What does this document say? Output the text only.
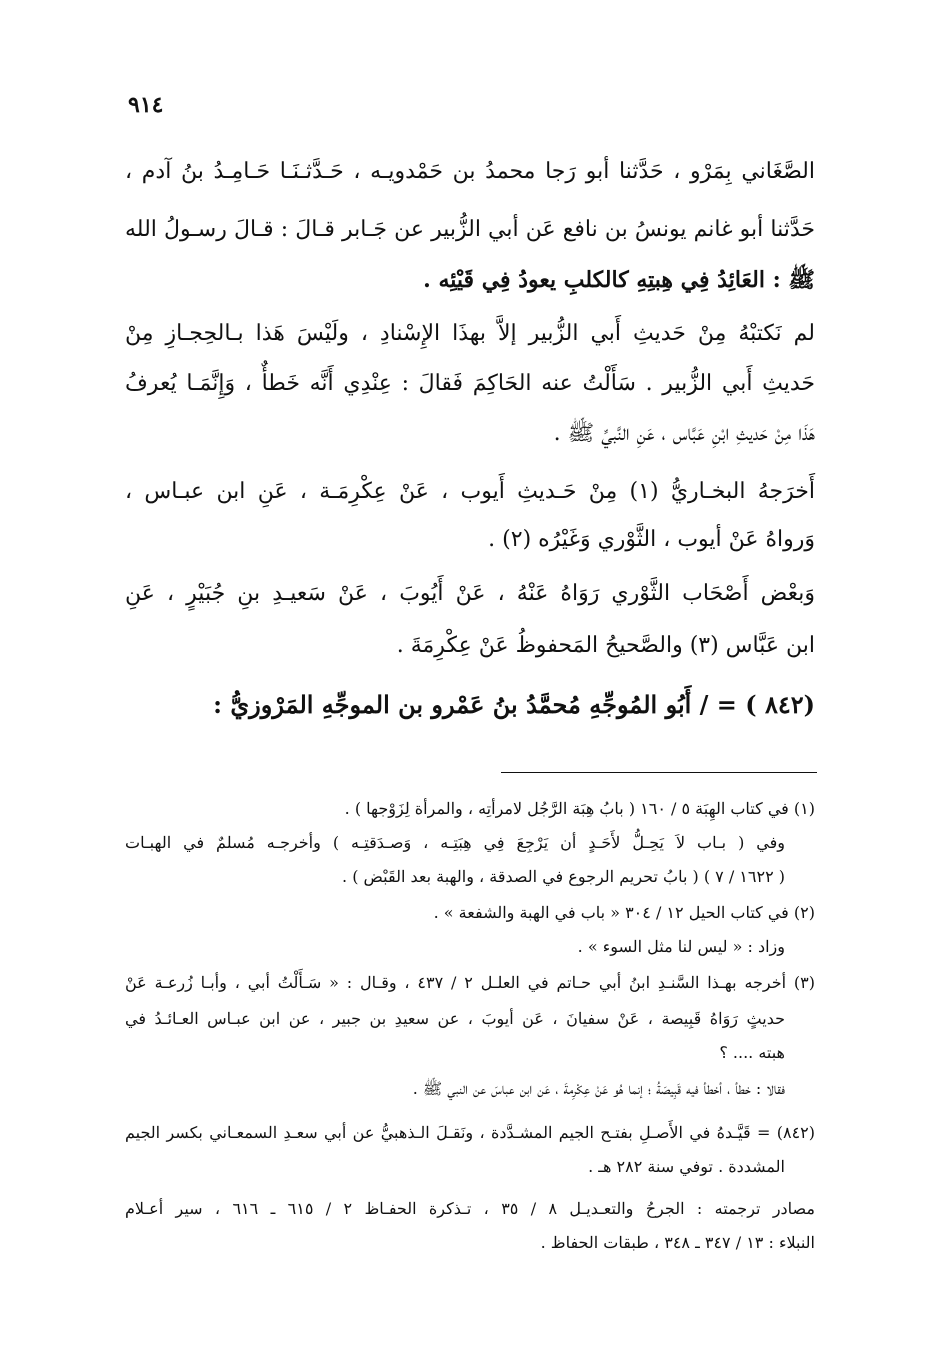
٩١٤
الصَّغَاني بِمَرْو ، حَدَّثنا أبو رَجا محمدُ بن حَمْدويـه ، حَـدَّثـنَـا حَـامِـدُ بنُ آدم ،
حَدَّثنا أبو غانم يونسُ بن نافع عَن أبي الزُّبير عن جَـابر قـالَ : قـالَ رسـولُ الله
ﷺ : العَائِدُ فِي هِبتِهِ كالكلبِ يعودُ فِي قَيْئِه .
لم نَكتبْهُ مِنْ حَديثِ أَبي الزُّبير إلاَّ بهذَا الإِسْنادِ ، ولَيْسَ هَذا بـالحِجـازِ مِنْ
حَديثِ أَبي الزُّبير . سَأَلْتُ عنه الحَاكِمَ فَقالَ : عِنْدِي أَنَّه خَطأٌ ، وَإِنَّمَـا يُعرفُ
هَذَا مِنْ حَديثِ ابْنِ عَبَّاس ، عَنِ النَّبيِّ ﷺ .
أَخرَجهُ البخـاريُّ (١) مِنْ حَـديثِ أَيوب ، عَنْ عِكْرِمَـة ، عَنِ ابن عبـاس ،
وَرواهُ عَنْ أيوب ، الثَّوْري وَغَيْرُه (٢) .
وَبعْض أَصْحَاب الثَّوْري رَوَاهُ عَنْهُ ، عَنْ أَيُوبَ ، عَنْ سَعيـدِ بنِ جُبَيْرٍ ، عَنِ
ابن عَبَّاس (٣) والصَّحيحُ المَحفوظُ عَنْ عِكْرِمَةَ .
(٨٤٢ ) = / أَبُو المُوجِّهِ مُحمَّدُ بنُ عَمْرو بن الموجِّهِ المَرْوزيُّ :
(١) في كتاب الهِبَة ٥ / ١٦٠ ( بابُ هِبَة الرَّجُل لامرأتِه ، والمرأة لِزَوْجها ) .
وفي ( بـاب لاَ يَحِـلُّ لأَحَـدٍ أن يَرْجِعَ فِي هِبَتِـه ، وَصـدَقتِـه ) وأخرجـه مُسلمٌ في الهبـات
( ١٦٢٢ / ٧ ) ( بابُ تحريم الرجوع في الصدقة ، والهبة بعد القَبْض ) .
(٢) في كتاب الحيل ١٢ / ٣٠٤ « باب في الهبة والشفعة » .
وزاد : « ليس لنا مثل السوء » .
(٣) أخرجه بهـذا السَّنـدِ ابنُ أبي حـاتم في العلـل ٢ / ٤٣٧ ، وقـال : « سَـأَلْتُ أبي ، وأبـا زُرعـة عَنْ
حديثٍ رَوَاهُ قَبِيصة ، عَنْ سفيانَ ، عَن أيوبَ ، عن سعيدِ بن جبير ، عن ابن عبـاس العـائـدُ في
هبته .... ؟
فقالا : خطأ ، أخطأ فيه قَبِيصَةُ ؛ إنما هُو عَنْ عِكْرِمةَ ، عَن ابن عباسَ عن النبي ﷺ .
(٨٤٢) = قَيَّـدهُ في الأَصـلِ بفتـح الجيم المشـدَّدة ، ونَقـلَ الـذهبيُّ عن أبي سعـدِ السمعـاني بكسر الجيم
المشددة . توفي سنة ٢٨٢ هـ .
مصادر ترجمته : الجرحُ والتعـديـل ٨ / ٣٥ ، تـذكرة الحفـاظ ٢ / ٦١٥ ـ ٦١٦ ، سير أعـلام
النبلاء : ١٣ / ٣٤٧ ـ ٣٤٨ ، طبقات الحفاظ .
